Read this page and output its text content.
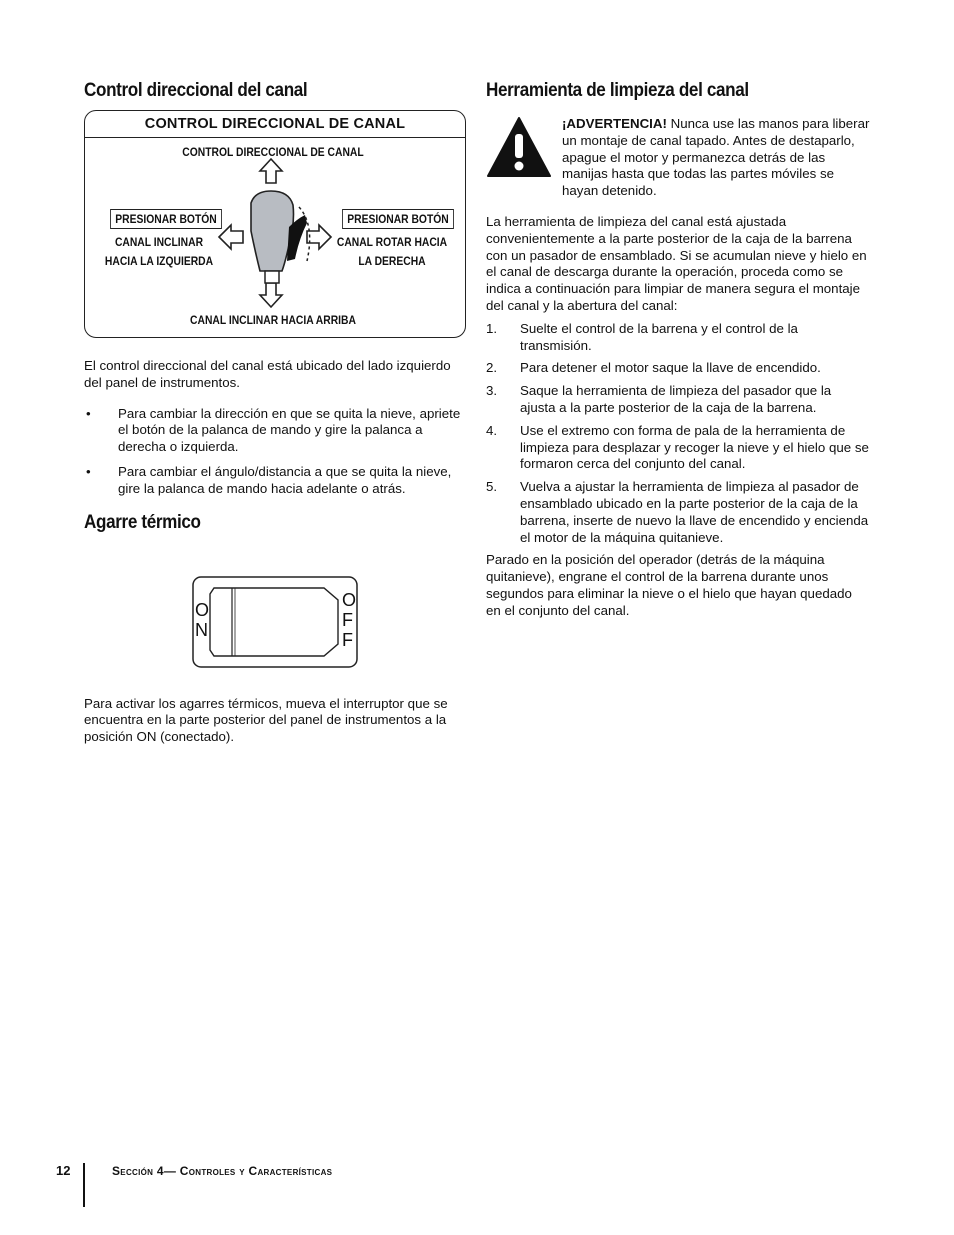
Control direccional del canal
CONTROL DIRECCIONAL DE CANAL
CONTROL DIRECCIONAL DE CANAL
PRESIONAR BOTÓN
CANAL INCLINAR
HACIA LA IZQUIERDA
PRESIONAR BOTÓN
CANAL ROTAR HACIA
LA DERECHA
CANAL INCLINAR HACIA ARRIBA

El control direccional del canal está ubicado del lado izquierdo del panel de instrumentos.

• Para cambiar la dirección en que se quita la nieve, apriete el botón de la palanca de mando y gire la palanca a derecha o izquierda.
• Para cambiar el ángulo/distancia a que se quita la nieve, gire la palanca de mando hacia adelante o atrás.
Agarre térmico
O
N
O
F
F

Para activar los agarres térmicos, mueva el interruptor que se encuentra en la parte posterior del panel de instrumentos a la posición ON (conectado).

Herramienta de limpieza del canal

¡ADVERTENCIA! Nunca use las manos para liberar un montaje de canal tapado. Antes de destaparlo, apague el motor y permanezca detrás de las manijas hasta que todas las partes móviles se hayan detenido.

La herramienta de limpieza del canal está ajustada convenientemente a la parte posterior de la caja de la barrena con un pasador de ensamblado. Si se acumulan nieve y hielo en el canal de descarga durante la operación, proceda como se indica a continuación para limpiar de manera segura el montaje del canal y la abertura del canal:

1. Suelte el control de la barrena y el control de la transmisión.
2. Para detener el motor saque la llave de encendido.
3. Saque la herramienta de limpieza del pasador que la ajusta a la parte posterior de la caja de la barrena.
4. Use el extremo con forma de pala de la herramienta de limpieza para desplazar y recoger la nieve y el hielo que se formaron cerca del conjunto del canal.
5. Vuelva a ajustar la herramienta de limpieza al pasador de ensamblado ubicado en la parte posterior de la caja de la barrena, inserte de nuevo la llave de encendido y encienda el motor de la máquina quitanieve.

Parado en la posición del operador (detrás de la máquina quitanieve), engrane el control de la barrena durante unos segundos para eliminar la nieve o el hielo que hayan quedado en el conjunto del canal.

12	Sección 4— Controles y Características
